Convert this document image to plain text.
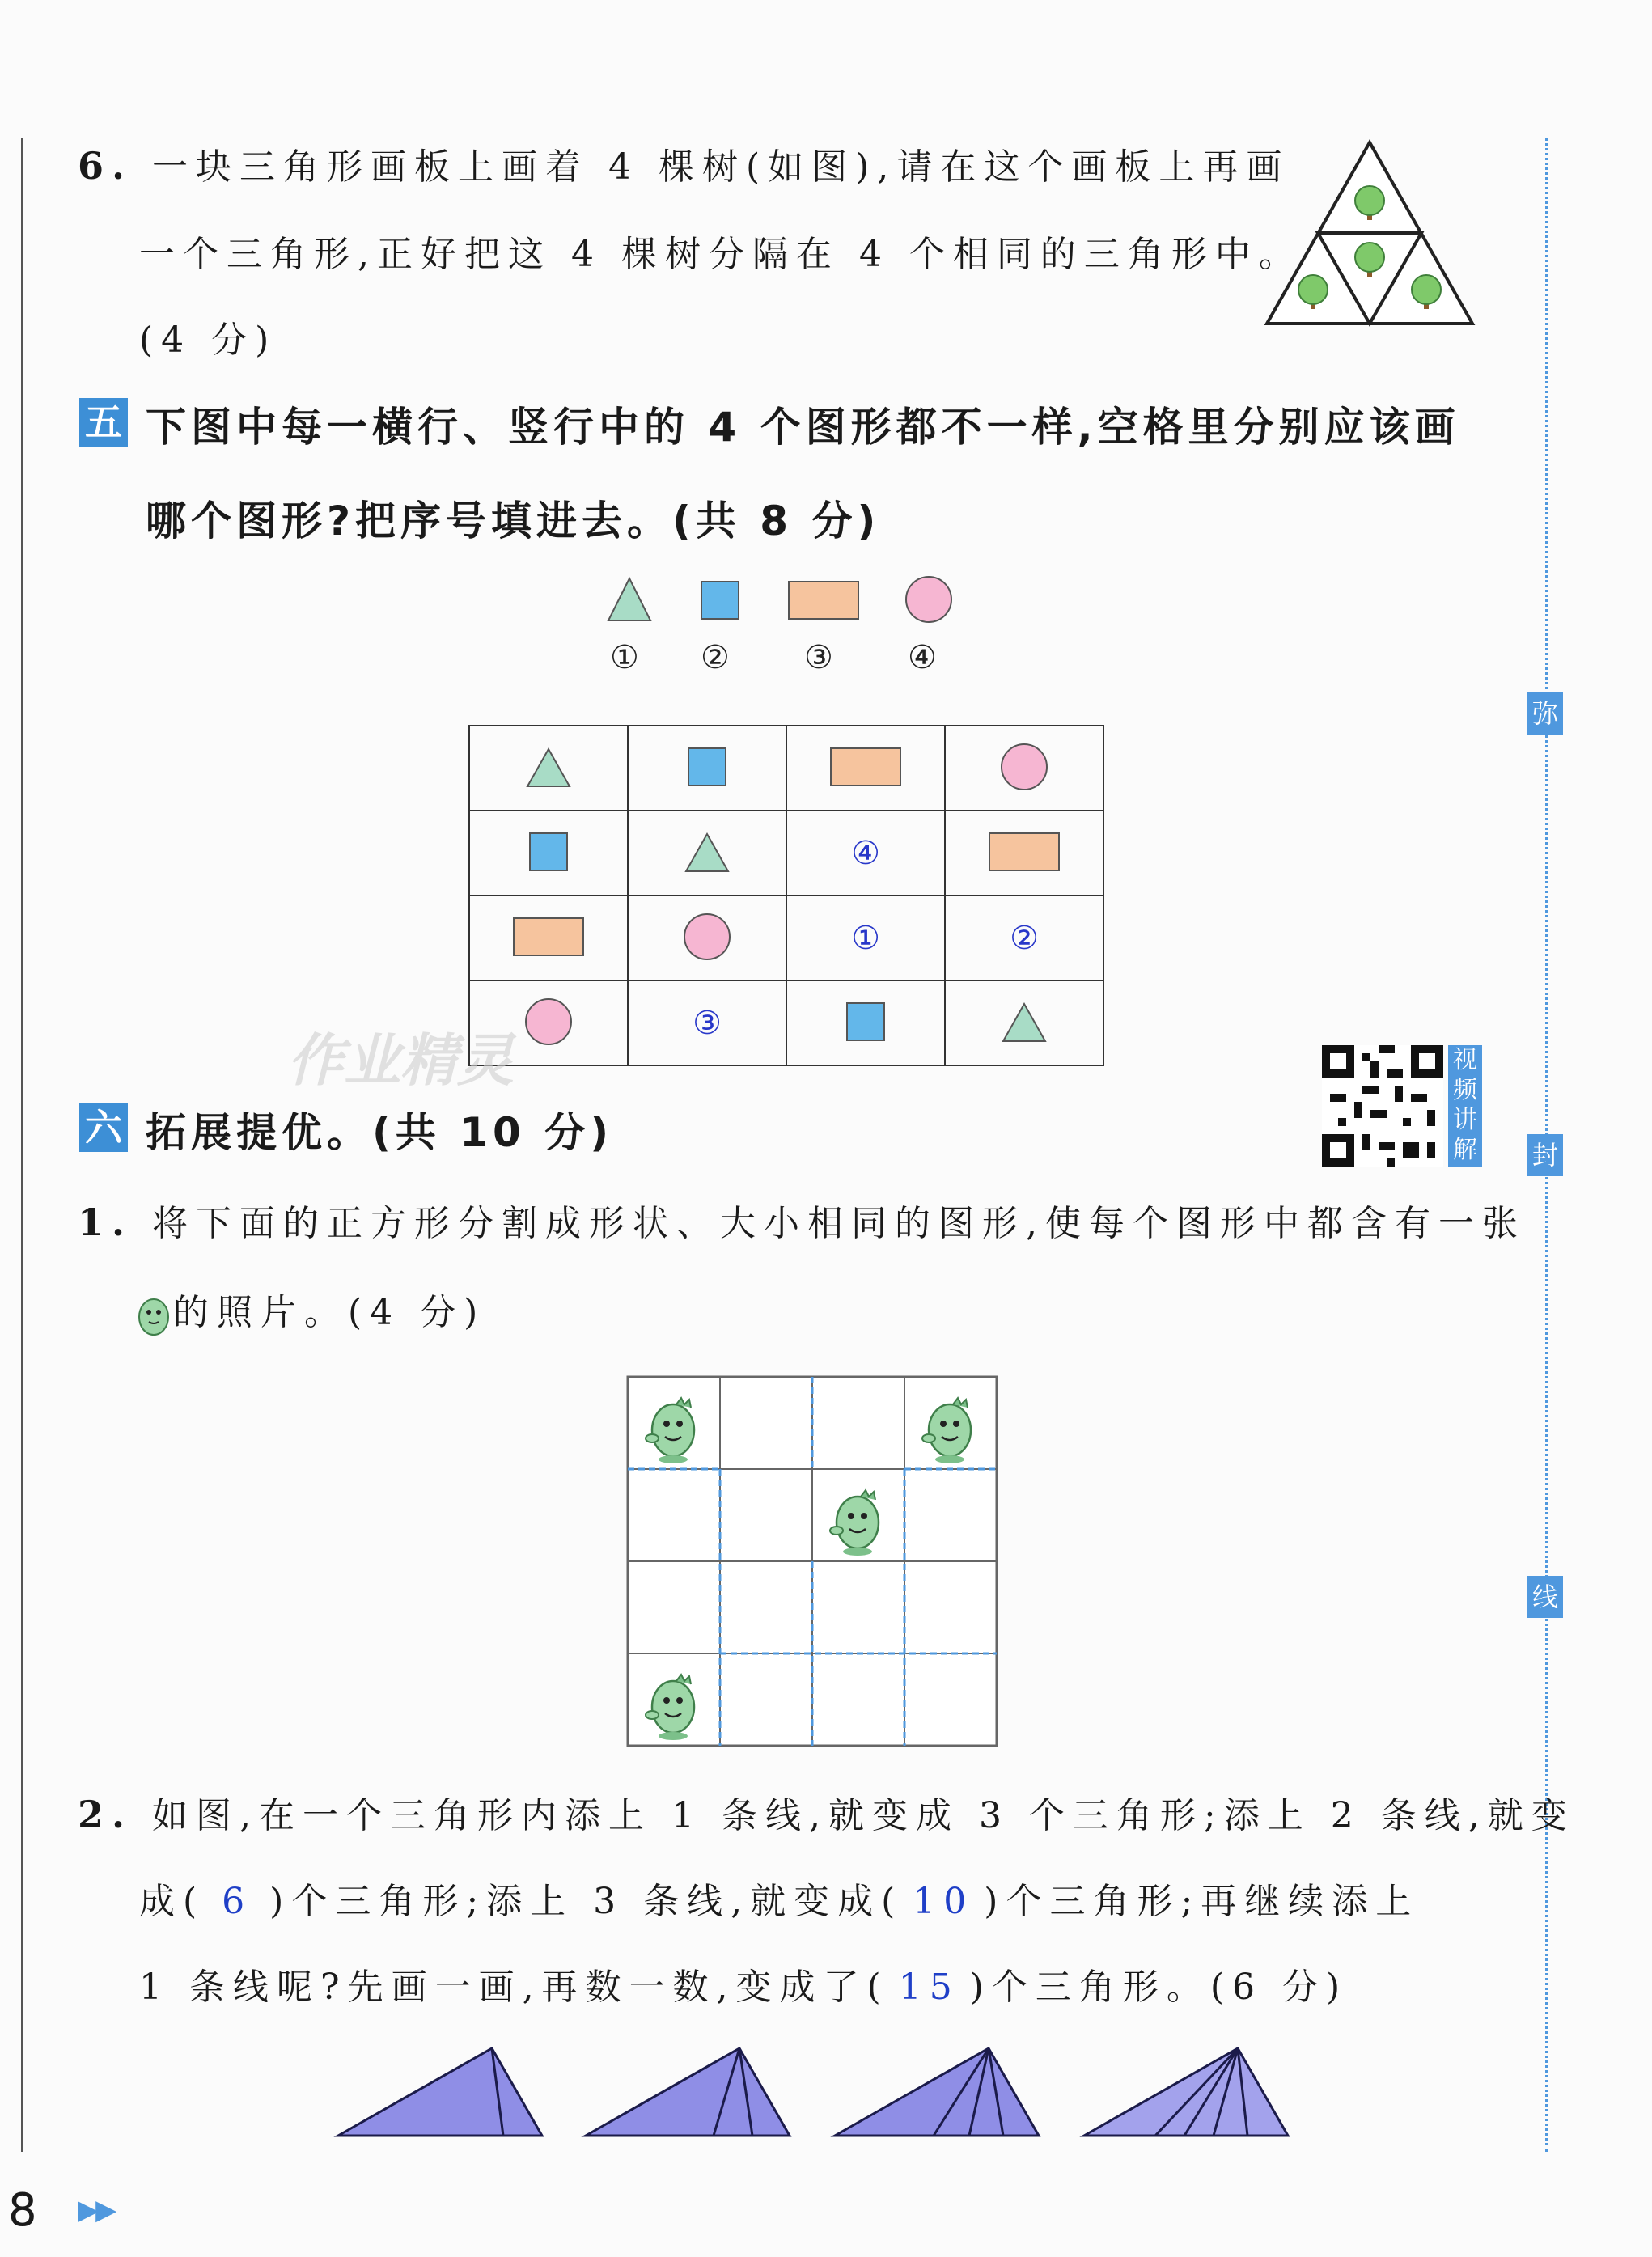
弥
封
线
6. 一块三角形画板上画着 4 棵树(如图),请在这个画板上再画
一个三角形,正好把这 4 棵树分隔在 4 个相同的三角形中。
(4 分)
五 下图中每一横行、竖行中的 4 个图形都不一样,空格里分别应该画
哪个图形?把序号填进去。(共 8 分)
① ② ③ ④

		④	
		①	②
	③		
作业精灵	视频讲解
六 拓展提优。(共 10 分)
1. 将下面的正方形分割成形状、大小相同的图形,使每个图形中都含有一张
的照片。(4 分)
2. 如图,在一个三角形内添上 1 条线,就变成 3 个三角形;添上 2 条线,就变
成( 6 )个三角形;添上 3 条线,就变成( 10 )个三角形;再继续添上
1 条线呢?先画一画,再数一数,变成了( 15 )个三角形。(6 分)
8 ▶▶
